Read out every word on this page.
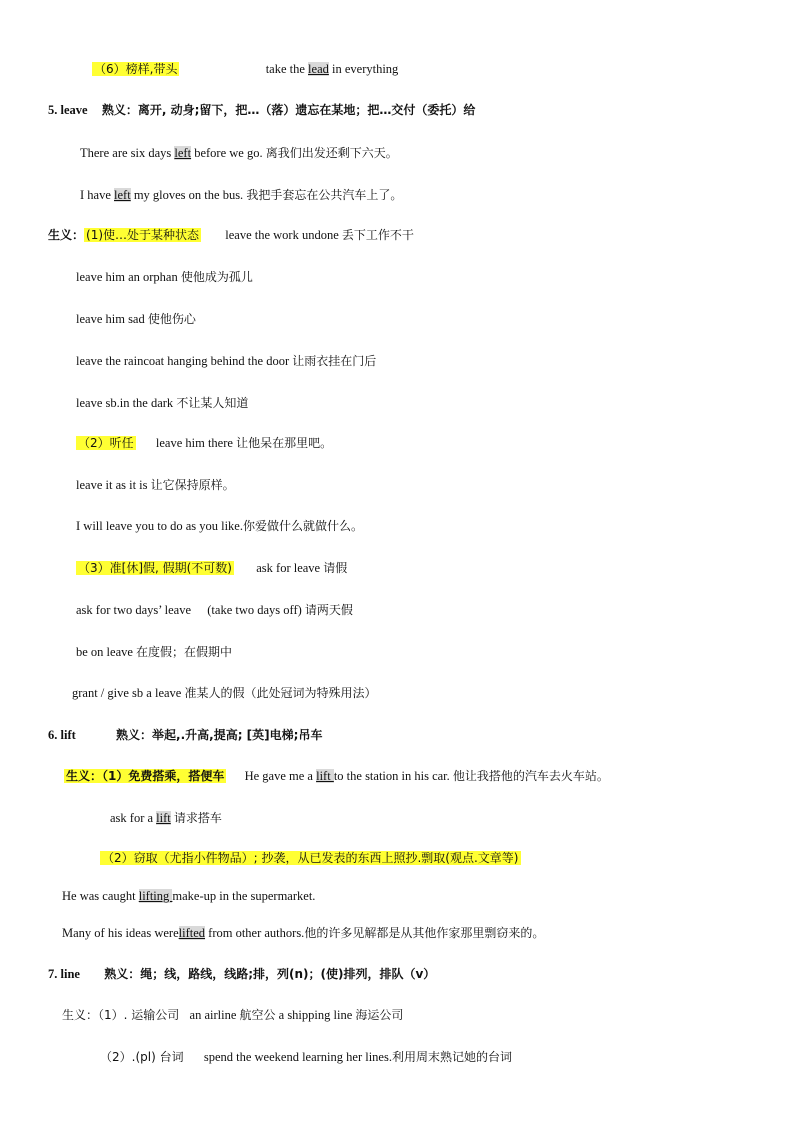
（6）榜样,带头	take the lead in everything
5. leave 熟义：离开, 动身;留下，把…（落）遗忘在某地；把…交付（委托）给
There are six days left before we go. 离我们出发还剩下六天。
I have left my gloves on the bus. 我把手套忘在公共汽车上了。
生义： (1)使…处于某种状态 leave the work undone 丢下工作不干
leave him an orphan 使他成为孤儿
leave him sad 使他伤心
leave the raincoat hanging behind the door 让雨衣挂在门后
leave sb.in the dark 不让某人知道
（2）听任 leave him there 让他呆在那里吧。
leave it as it is 让它保持原样。
I will leave you to do as you like.你爱做什么就做什么。
（3）准[休]假, 假期(不可数) ask for leave 请假
ask for two days’ leave (take two days off) 请两天假
be on leave 在度假；在假期中
grant / give sb a leave 准某人的假（此处冠词为特殊用法）
6. lift	熟义：举起,.升高,提高; [英]电梯;吊车
生义：（1）免费搭乘，搭便车 He gave me a lift to the station in his car. 他让我搭他的汽车去火车站。
ask for a lift 请求搭车
（2）窃取（尤指小件物品）; 抄袭，从已发表的东西上照抄.剽取(观点.文章等)
He was caught lifting make-up in the supermarket.
Many of his ideas werelifted from other authors.他的许多见解都是从其他作家那里剽窃来的。
7. line 熟义：绳；线，路线，线路;排，列(n)；(使)排列，排队（v）
生义：（1）. 运输公司 an airline 航空公 a shipping line 海运公司
（2）.(pl) 台词 spend the weekend learning her lines.利用周末熟记她的台词
